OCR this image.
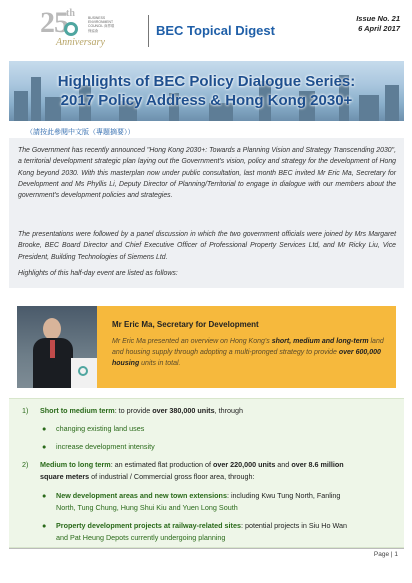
25
th
Anniversary
BUSINESS ENVIRONMENT COUNCIL 商界環保協會	BEC Topical Digest
Issue No. 21
6 April 2017
Highlights of BEC Policy Dialogue Series:
2017 Policy Address & Hong Kong 2030+
（請按此參閱中文版（專題摘要））
The Government has recently announced "Hong Kong 2030+: Towards a Planning Vision and Strategy Transcending 2030", a territorial development strategic plan laying out the Government's vision, policy and strategy for the development of Hong Kong beyond 2030. With this masterplan now under public consultation, last month BEC invited Mr Eric Ma, Secretary for Development and Ms Phyllis Li, Deputy Director of Planning/Territorial to engage in dialogue with our members about the government's development policies and strategies.
The presentations were followed by a panel discussion in which the two government officials were joined by Mrs Margaret Brooke, BEC Board Director and Chief Executive Officer of Professional Property Services Ltd, and Mr Ricky Liu, Vice President, Building Technologies of Siemens Ltd.
Highlights of this half-day event are listed as follows:
Mr Eric Ma, Secretary for Development
Mr Eric Ma presented an overview on Hong Kong's short, medium and long-term land and housing supply through adopting a multi-pronged strategy to provide over 600,000 housing units in total.
1) Short to medium term: to provide over 380,000 units, through
● changing existing land uses
● increase development intensity
2) Medium to long term: an estimated flat production of over 220,000 units and over 8.6 million
square meters of industrial / Commercial gross floor area, through:
● New development areas and new town extensions: including Kwu Tung North, Fanling
North, Tung Chung, Hung Shui Kiu and Yuen Long South
● Property development projects at railway-related sites: potential projects in Siu Ho Wan
and Pat Heung Depots currently undergoing planning
Page | 1
